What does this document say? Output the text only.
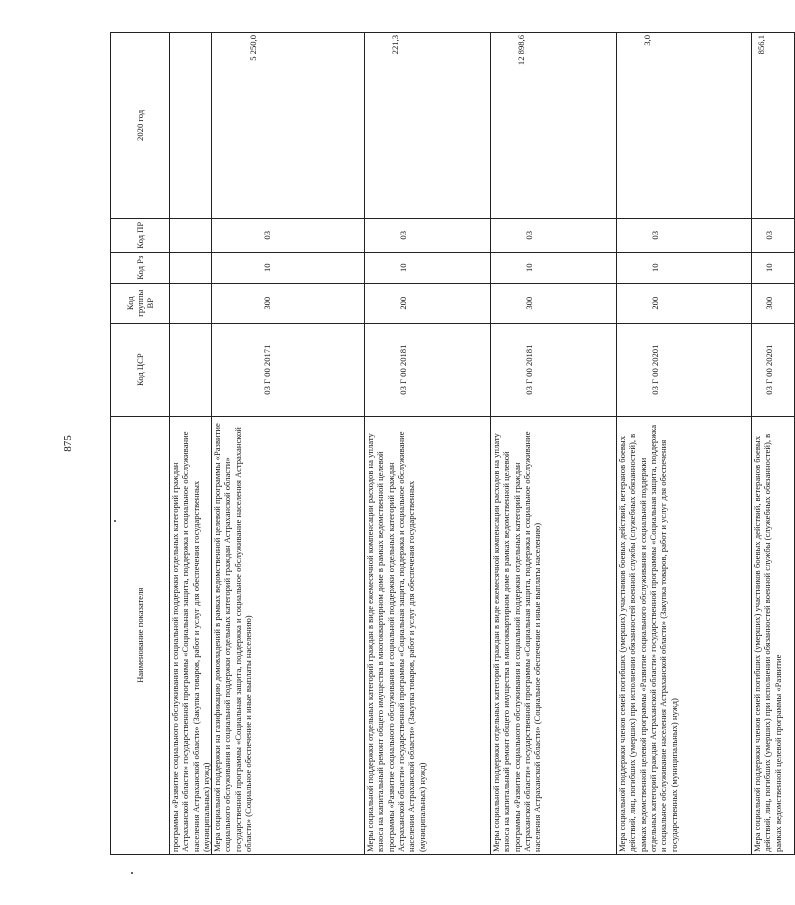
875
Наименование показателя	Код ЦСР	Код группы ВР	Код Рз	Код ПР	2020 год
программы «Развитие социального обслуживания и социальной поддержки отдельных категорий граждан Астраханской области» государственной программы «Социальная защита, поддержка и социальное обслуживание населения Астраханской области» (Закупка товаров, работ и услуг для обеспечения государственных (муниципальных) нужд)					
Мера социальной поддержки на газификацию домовладений в рамках ведомственной целевой программы «Развитие социального обслуживания и социальной поддержки отдельных категорий граждан Астраханской области» государственной программы «Социальная защита, поддержка и социальное обслуживание населения Астраханской области» (Социальное обеспечение и иные выплаты населению)	03 Г 00 20171	300	10	03	5 250,0
Меры социальной поддержки отдельных категорий граждан в виде ежемесячной компенсации расходов на уплату взноса на капитальный ремонт общего имущества в многоквартирном доме в рамках ведомственной целевой программы «Развитие социального обслуживания и социальной поддержки отдельных категорий граждан Астраханской области» государственной программы «Социальная защита, поддержка и социальное обслуживание населения Астраханской области» (Закупка товаров, работ и услуг для обеспечения государственных (муниципальных) нужд)	03 Г 00 20181	200	10	03	221,3
Меры социальной поддержки отдельных категорий граждан в виде ежемесячной компенсации расходов на уплату взноса на капитальный ремонт общего имущества в многоквартирном доме в рамках ведомственной целевой программы «Развитие социального обслуживания и социальной поддержки отдельных категорий граждан Астраханской области» государственной программы «Социальная защита, поддержка и социальное обслуживание населения Астраханской области» (Социальное обеспечение и иные выплаты населению)	03 Г 00 20181	300	10	03	12 898,6
Мера социальной поддержки членов семей погибших (умерших) участников боевых действий, ветеранов боевых действий, лиц, погибших (умерших) при исполнении обязанностей военной службы (служебных обязанностей), в рамках ведомственной целевой программы «Развитие социального обслуживания и социальной поддержки отдельных категорий граждан Астраханской области» государственной программы «Социальная защита, поддержка и социальное обслуживание населения Астраханской области» (Закупка товаров, работ и услуг для обеспечения государственных (муниципальных) нужд)	03 Г 00 20201	200	10	03	3,0
Мера социальной поддержки членов семей погибших (умерших) участников боевых действий, ветеранов боевых действий, лиц, погибших (умерших) при исполнении обязанностей военной службы (служебных обязанностей), в рамках ведомственной целевой программы «Развитие	03 Г 00 20201	300	10	03	856,1
